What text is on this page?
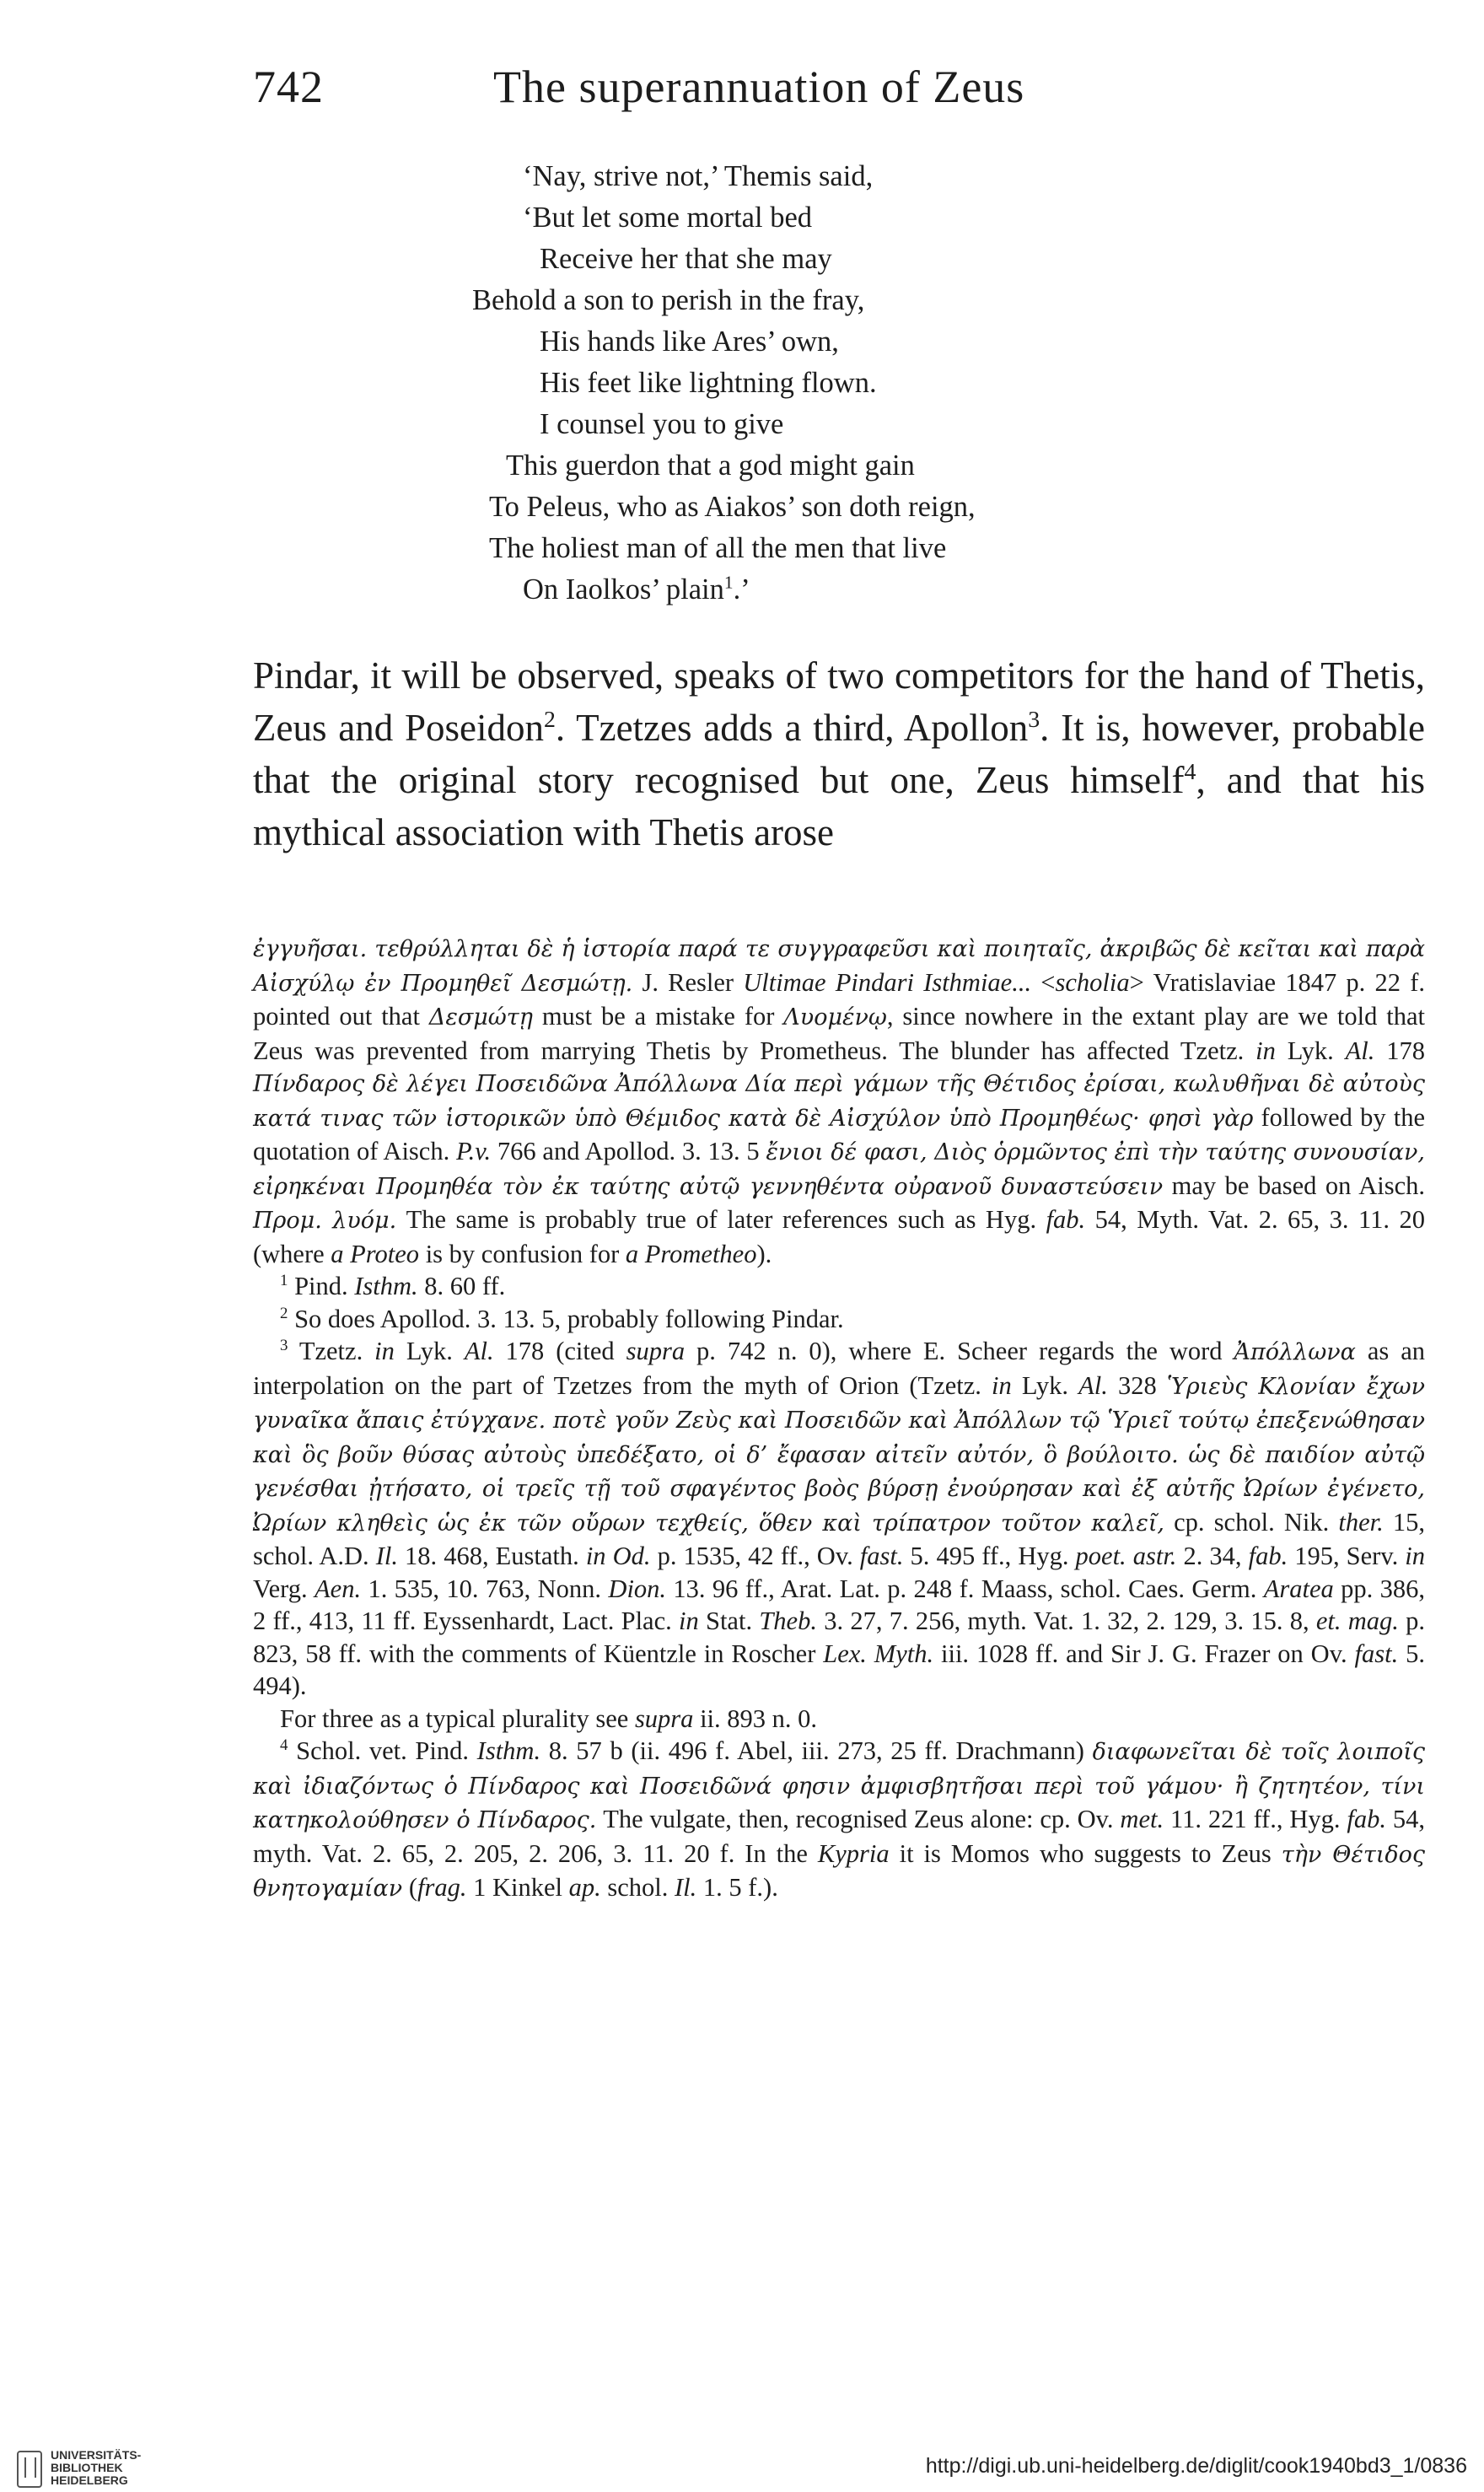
742	The superannuation of Zeus
‘Nay, strive not,’ Themis said,
‘But let some mortal bed
Receive her that she may
Behold a son to perish in the fray,
His hands like Ares’ own,
His feet like lightning flown.
I counsel you to give
This guerdon that a god might gain
To Peleus, who as Aiakos’ son doth reign,
The holiest man of all the men that live
On Iaolkos’ plain$^1$.’

Pindar, it will be observed, speaks of two competitors for the hand of Thetis, Zeus and Poseidon$^2$. Tzetzes adds a third, Apollon$^3$. It is, however, probable that the original story recognised but one, Zeus himself$^4$, and that his mythical association with Thetis arose

ἐγγυῆσαι. τεθρύλληται δὲ ἡ ἱστορία παρά τε συγγραφεῦσι καὶ ποιηταῖς, ἀκριβῶς δὲ κεῖται καὶ παρὰ Αἰσχύλῳ ἐν Προμηθεῖ Δεσμώτῃ. J. Resler Ultimae Pindari Isthmiae... <scholia> Vratislaviae 1847 p. 22 f. pointed out that Δεσμώτῃ must be a mistake for Λυομένῳ, since nowhere in the extant play are we told that Zeus was prevented from marrying Thetis by Prometheus. The blunder has affected Tzetz. in Lyk. Al. 178 Πίνδαρος δὲ λέγει Ποσειδῶνα Ἀπόλλωνα Δία περὶ γάμων τῆς Θέτιδος ἐρίσαι, κωλυθῆναι δὲ αὐτοὺς κατά τινας τῶν ἱστορικῶν ὑπὸ Θέμιδος κατὰ δὲ Αἰσχύλον ὑπὸ Προμηθέως· φησὶ γὰρ followed by the quotation of Aisch. P.v. 766 and Apollod. 3. 13. 5 ἔνιοι δέ φασι, Διὸς ὁρμῶντος ἐπὶ τὴν ταύτης συνουσίαν, εἰρηκέναι Προμηθέα τὸν ἐκ ταύτης αὐτῷ γεννηθέντα οὐρανοῦ δυναστεύσειν may be based on Aisch. Προμ. λυόμ. The same is probably true of later references such as Hyg. fab. 54, Myth. Vat. 2. 65, 3. 11. 20 (where a Proteo is by confusion for a Prometheo).

$^1$ Pind. Isthm. 8. 60 ff.

$^2$ So does Apollod. 3. 13. 5, probably following Pindar.

$^3$ Tzetz. in Lyk. Al. 178 (cited supra p. 742 n. 0), where E. Scheer regards the word Ἀπόλλωνα as an interpolation on the part of Tzetzes from the myth of Orion (Tzetz. in Lyk. Al. 328 Ὑριεὺς Κλονίαν ἔχων γυναῖκα ἄπαις ἐτύγχανε. ποτὲ γοῦν Ζεὺς καὶ Ποσειδῶν καὶ Ἀπόλλων τῷ Ὑριεῖ τούτῳ ἐπεξενώθησαν καὶ ὃς βοῦν θύσας αὐτοὺς ὑπεδέξατο, οἱ δ’ ἔφασαν αἰτεῖν αὐτόν, ὃ βούλοιτο. ὡς δὲ παιδίον αὐτῷ γενέσθαι ᾐτήσατο, οἱ τρεῖς τῇ τοῦ σφαγέντος βοὸς βύρσῃ ἐνούρησαν καὶ ἐξ αὐτῆς Ὠρίων ἐγένετο, Ὠρίων κληθεὶς ὡς ἐκ τῶν οὔρων τεχθείς, ὅθεν καὶ τρίπατρον τοῦτον καλεῖ, cp. schol. Nik. ther. 15, schol. A.D. Il. 18. 468, Eustath. in Od. p. 1535, 42 ff., Ov. fast. 5. 495 ff., Hyg. poet. astr. 2. 34, fab. 195, Serv. in Verg. Aen. 1. 535, 10. 763, Nonn. Dion. 13. 96 ff., Arat. Lat. p. 248 f. Maass, schol. Caes. Germ. Aratea pp. 386, 2 ff., 413, 11 ff. Eyssenhardt, Lact. Plac. in Stat. Theb. 3. 27, 7. 256, myth. Vat. 1. 32, 2. 129, 3. 15. 8, et. mag. p. 823, 58 ff. with the comments of Küentzle in Roscher Lex. Myth. iii. 1028 ff. and Sir J. G. Frazer on Ov. fast. 5. 494).

For three as a typical plurality see supra ii. 893 n. 0.

$^4$ Schol. vet. Pind. Isthm. 8. 57 b (ii. 496 f. Abel, iii. 273, 25 ff. Drachmann) διαφωνεῖται δὲ τοῖς λοιποῖς καὶ ἰδιαζόντως ὁ Πίνδαρος καὶ Ποσειδῶνά φησιν ἀμφισβητῆσαι περὶ τοῦ γάμου· ἢ ζητητέον, τίνι κατηκολούθησεν ὁ Πίνδαρος. The vulgate, then, recognised Zeus alone: cp. Ov. met. 11. 221 ff., Hyg. fab. 54, myth. Vat. 2. 65, 2. 205, 2. 206, 3. 11. 20 f. In the Kypria it is Momos who suggests to Zeus τὴν Θέτιδος θνητογαμίαν (frag. 1 Kinkel ap. schol. Il. 1. 5 f.).

UNIVERSITÄTS-
BIBLIOTHEK
HEIDELBERG
http://digi.ub.uni-heidelberg.de/diglit/cook1940bd3_1/0836
